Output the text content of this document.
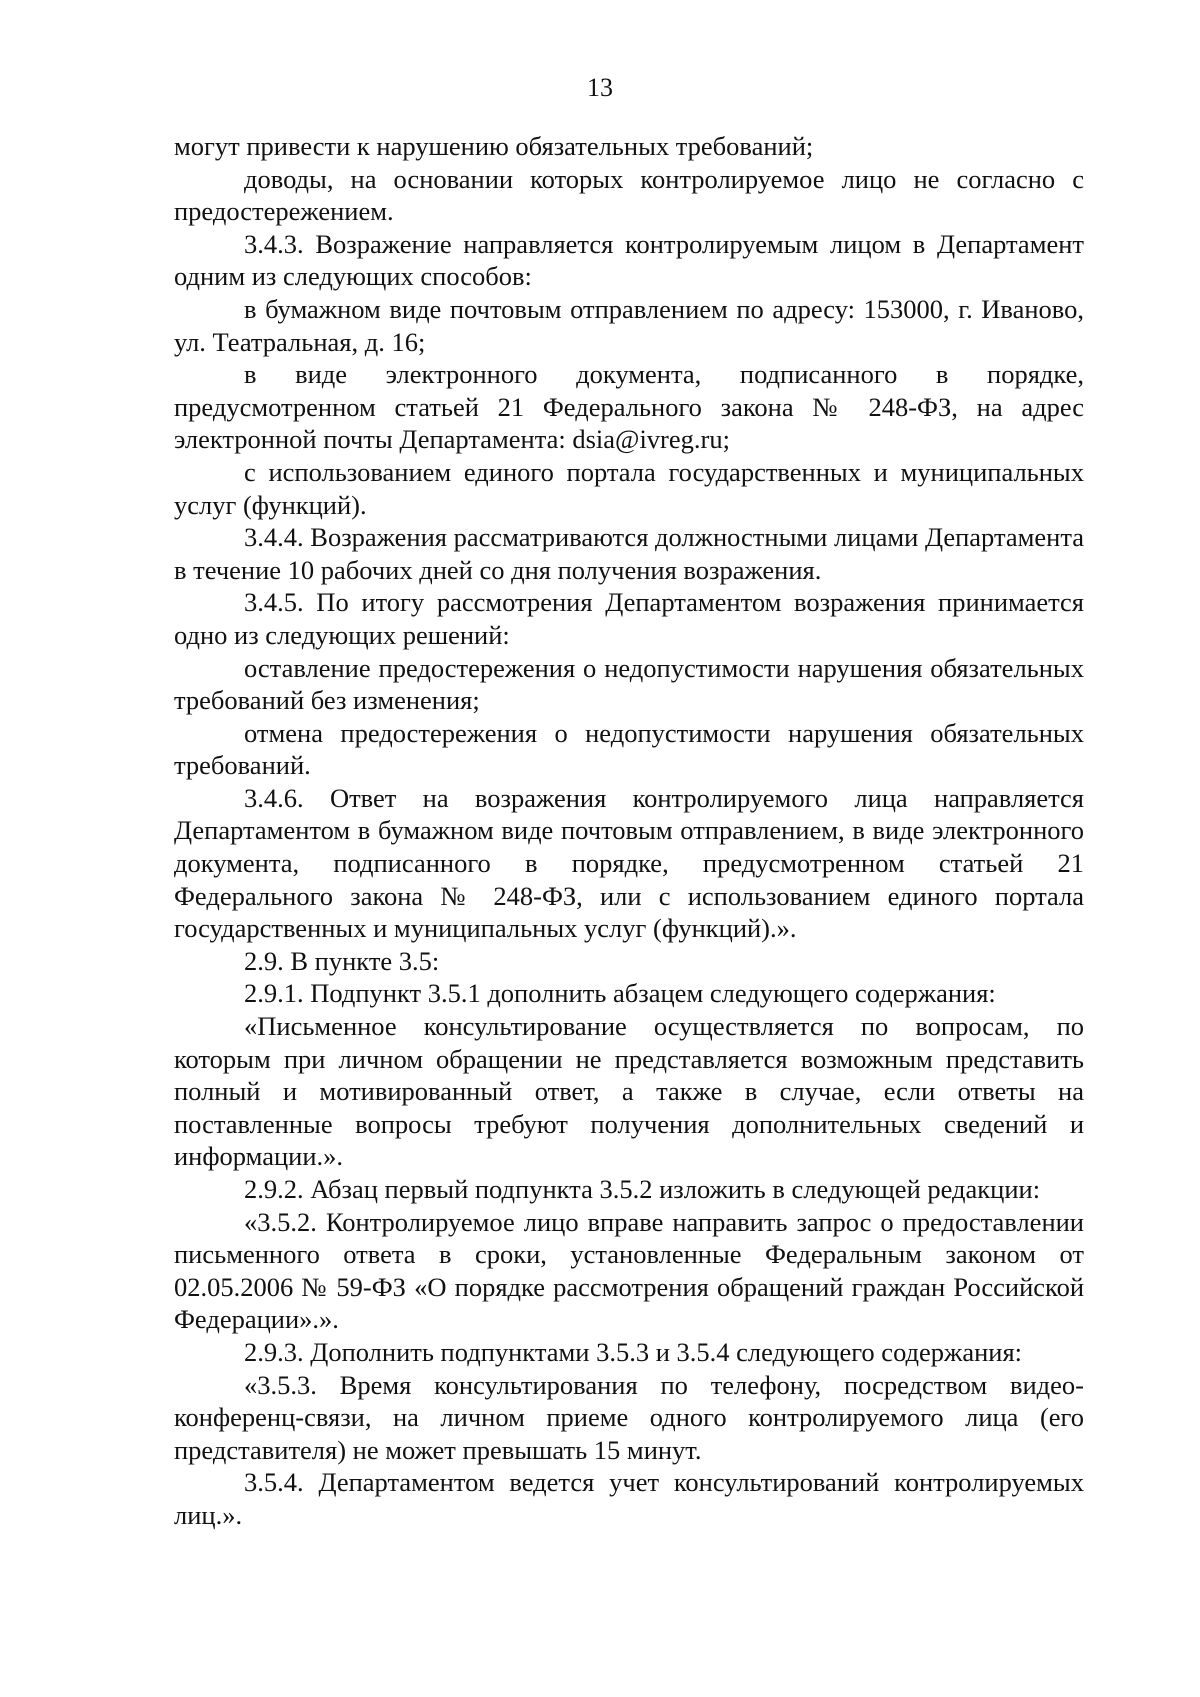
13

могут привести к нарушению обязательных требований;

доводы, на основании которых контролируемое лицо не согласно с предостережением.

3.4.3. Возражение направляется контролируемым лицом в Департамент одним из следующих способов:

в бумажном виде почтовым отправлением по адресу: 153000, г. Иваново, ул. Театральная, д. 16;

в виде электронного документа, подписанного в порядке, предусмотренном статьей 21 Федерального закона № 248-ФЗ, на адрес электронной почты Департамента: dsia@ivreg.ru;

с использованием единого портала государственных и муниципальных услуг (функций).

3.4.4. Возражения рассматриваются должностными лицами Департамента в течение 10 рабочих дней со дня получения возражения.

3.4.5. По итогу рассмотрения Департаментом возражения принимается одно из следующих решений:

оставление предостережения о недопустимости нарушения обязательных требований без изменения;

отмена предостережения о недопустимости нарушения обязательных требований.

3.4.6. Ответ на возражения контролируемого лица направляется Департаментом в бумажном виде почтовым отправлением, в виде электронного документа, подписанного в порядке, предусмотренном статьей 21 Федерального закона № 248-ФЗ, или с использованием единого портала государственных и муниципальных услуг (функций).».

2.9. В пункте 3.5:

2.9.1. Подпункт 3.5.1 дополнить абзацем следующего содержания:

«Письменное консультирование осуществляется по вопросам, по которым при личном обращении не представляется возможным представить полный и мотивированный ответ, а также в случае, если ответы на поставленные вопросы требуют получения дополнительных сведений и информации.».

2.9.2. Абзац первый подпункта 3.5.2 изложить в следующей редакции:

«3.5.2. Контролируемое лицо вправе направить запрос о предоставлении письменного ответа в сроки, установленные Федеральным законом от 02.05.2006 № 59-ФЗ «О порядке рассмотрения обращений граждан Российской Федерации».».

2.9.3. Дополнить подпунктами 3.5.3 и 3.5.4 следующего содержания:

«3.5.3. Время консультирования по телефону, посредством видео-конференц-связи, на личном приеме одного контролируемого лица (его представителя) не может превышать 15 минут.

3.5.4. Департаментом ведется учет консультирований контролируемых лиц.».
